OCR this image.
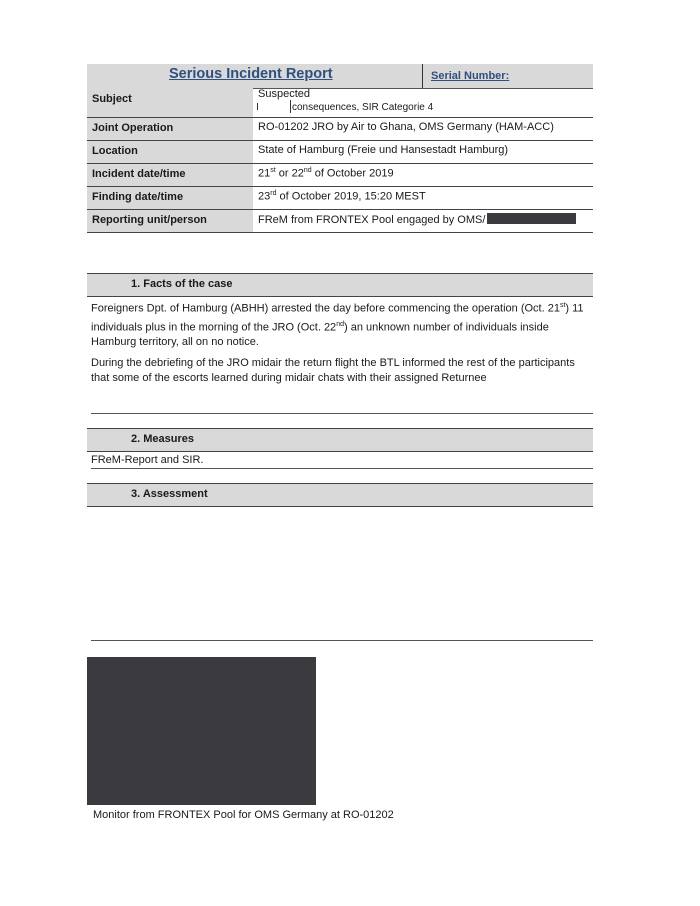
Serious Incident Report	Serial Number:
Subject	Suspected
consequences, SIR Categorie 4
Joint Operation	RO-01202 JRO by Air to Ghana, OMS Germany (HAM-ACC)
Location	State of Hamburg (Freie und Hansestadt Hamburg)
Incident date/time	21st or 22nd of October 2019
Finding date/time	23rd of October 2019, 15:20 MEST
Reporting unit/person	FReM from FRONTEX Pool engaged by OMS/
1. Facts of the case
Foreigners Dpt. of Hamburg (ABHH) arrested the day before commencing the operation (Oct. 21st) 11 individuals plus in the morning of the JRO (Oct. 22nd) an unknown number of individuals inside Hamburg territory, all on no notice.
During the debriefing of the JRO midair the return flight the BTL informed the rest of the participants that some of the escorts learned during midair chats with their assigned Returnee
2. Measures
FReM-Report and SIR.
3. Assessment
Monitor from FRONTEX Pool for OMS Germany at RO-01202
